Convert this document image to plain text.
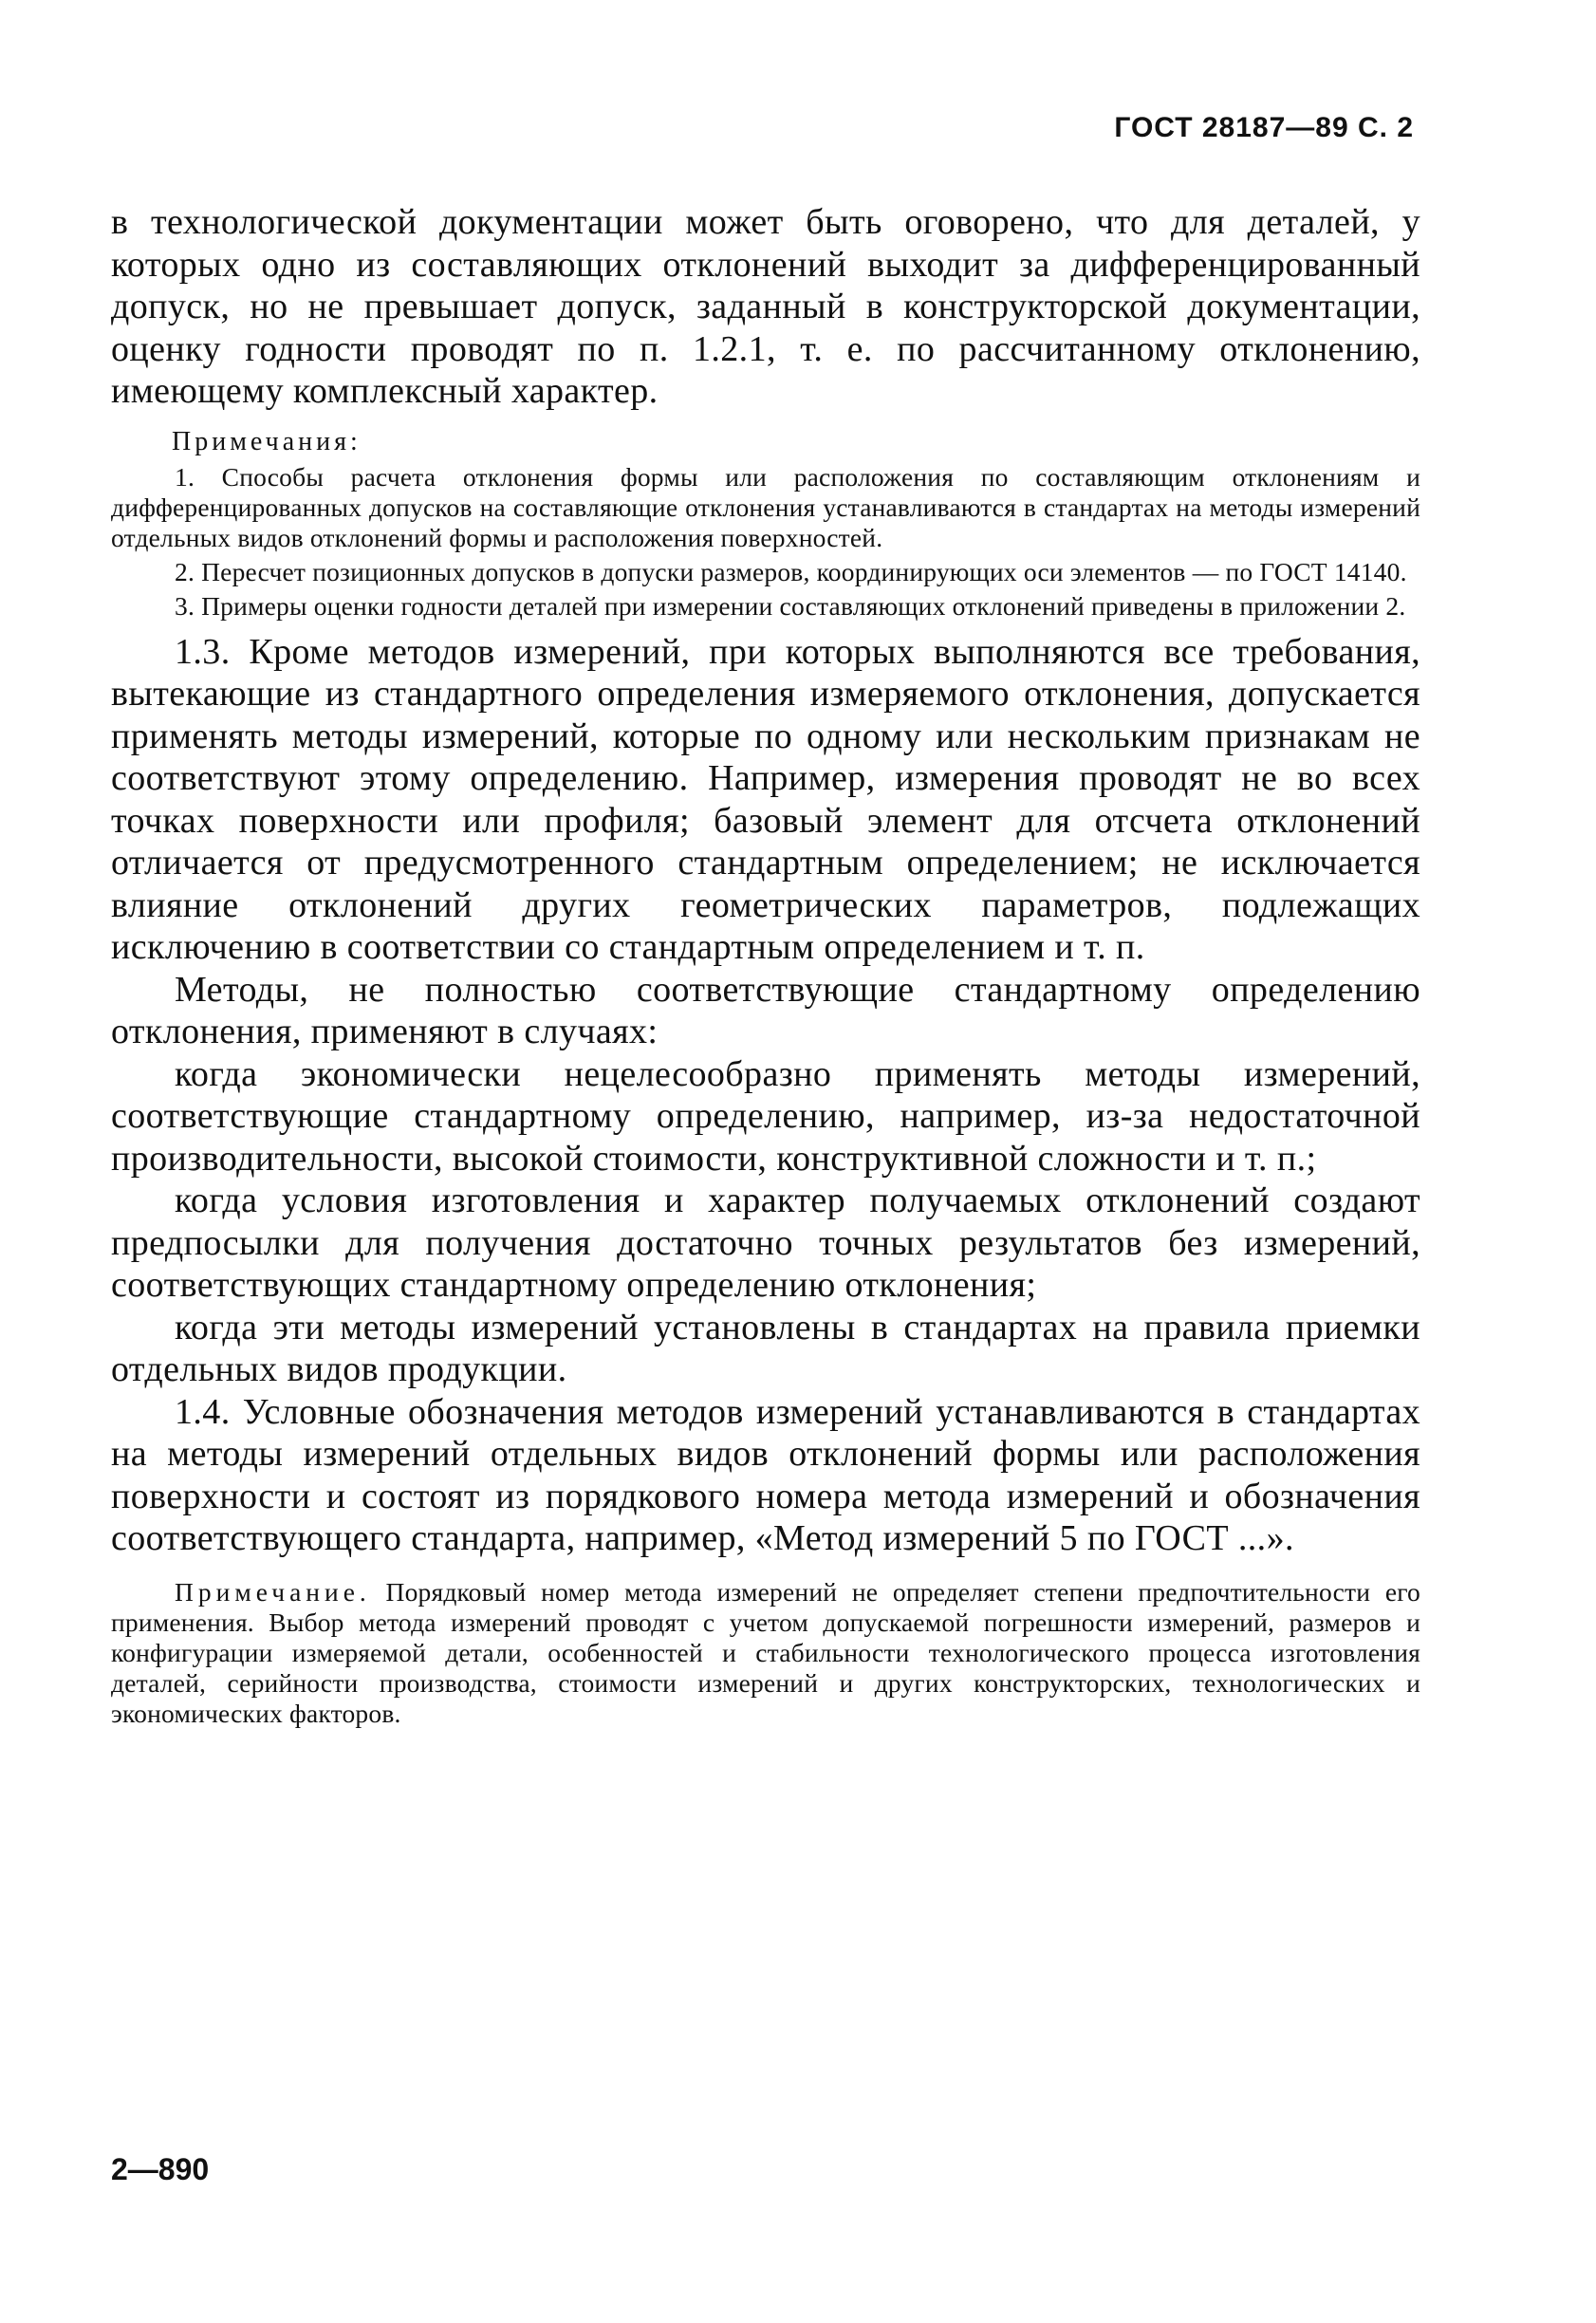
ГОСТ 28187—89 С. 2

в технологической документации может быть оговорено, что для деталей, у которых одно из составляющих отклонений выходит за дифференцированный допуск, но не превышает допуск, заданный в конструкторской документации, оценку годности проводят по п. 1.2.1, т. е. по рассчитанному отклонению, имеющему комплексный характер.

Примечания:

1. Способы расчета отклонения формы или расположения по составляющим отклонениям и дифференцированных допусков на составляющие отклонения устанавливаются в стандартах на методы измерений отдельных видов отклонений формы и расположения поверхностей.

2. Пересчет позиционных допусков в допуски размеров, координирующих оси элементов — по ГОСТ 14140.

3. Примеры оценки годности деталей при измерении составляющих отклонений приведены в приложении 2.

1.3. Кроме методов измерений, при которых выполняются все требования, вытекающие из стандартного определения измеряемого отклонения, допускается применять методы измерений, которые по одному или нескольким признакам не соответствуют этому определению. Например, измерения проводят не во всех точках поверхности или профиля; базовый элемент для отсчета отклонений отличается от предусмотренного стандартным определением; не исключается влияние отклонений других геометрических параметров, подлежащих исключению в соответствии со стандартным определением и т. п.

Методы, не полностью соответствующие стандартному определению отклонения, применяют в случаях:

когда экономически нецелесообразно применять методы измерений, соответствующие стандартному определению, например, из-за недостаточной производительности, высокой стоимости, конструктивной сложности и т. п.;

когда условия изготовления и характер получаемых отклонений создают предпосылки для получения достаточно точных результатов без измерений, соответствующих стандартному определению отклонения;

когда эти методы измерений установлены в стандартах на правила приемки отдельных видов продукции.

1.4. Условные обозначения методов измерений устанавливаются в стандартах на методы измерений отдельных видов отклонений формы или расположения поверхности и состоят из порядкового номера метода измерений и обозначения соответствующего стандарта, например, «Метод измерений 5 по ГОСТ ...».

Примечание. Порядковый номер метода измерений не определяет степени предпочтительности его применения. Выбор метода измерений проводят с учетом допускаемой погрешности измерений, размеров и конфигурации измеряемой детали, особенностей и стабильности технологического процесса изготовления деталей, серийности производства, стоимости измерений и других конструкторских, технологических и экономических факторов.

2—890
